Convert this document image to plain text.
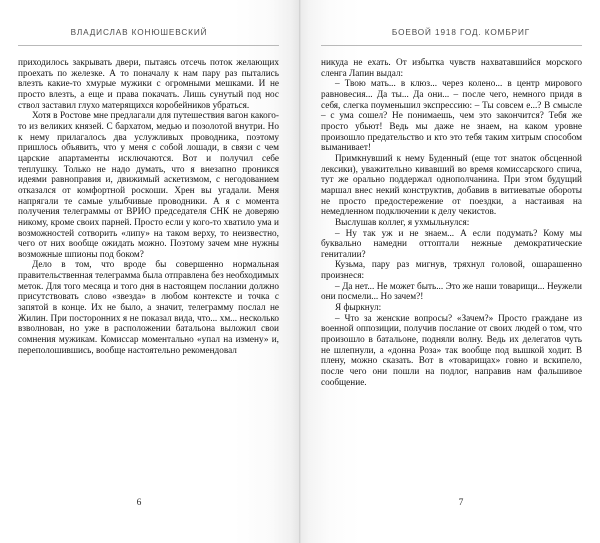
ВЛАДИСЛАВ КОНЮШЕВСКИЙ

приходилось закрывать двери, пытаясь отсечь поток желающих проехать по железке. А то поначалу к нам пару раз пытались влезть какие-то хмурые мужики с огромными мешками. И не просто влезть, а еще и права покачать. Лишь сунутый под нос ствол заставил глухо матерящихся коробейников убраться.

Хотя в Ростове мне предлагали для путешествия вагон какого-то из великих князей. С бархатом, медью и позолотой внутри. Но к нему прилагалось два услужливых проводника, поэтому пришлось объявить, что у меня с собой лошади, в связи с чем царские апартаменты исключаются. Вот и получил себе теплушку. Только не надо думать, что я внезапно проникся идеями равноправия и, движимый аскетизмом, с негодованием отказался от комфортной роскоши. Хрен вы угадали. Меня напрягали те самые улыбчивые проводники. А я с момента получения телеграммы от ВРИО председателя СНК не доверяю никому, кроме своих парней. Просто если у кого-то хватило ума и возможностей сотворить «липу» на таком верху, то неизвестно, чего от них вообще ожидать можно. Поэтому зачем мне нужны возможные шпионы под боком?

Дело в том, что вроде бы совершенно нормальная правительственная телеграмма была отправлена без необходимых меток. Для того месяца и того дня в настоящем послании должно присутствовать слово «звезда» в любом контексте и точка с запятой в конце. Их не было, а значит, телеграмму послал не Жилин. При посторонних я не показал вида, что... хм... несколько взволнован, но уже в расположении батальона выложил свои сомнения мужикам. Комиссар моментально «упал на измену» и, переполошившись, вообще настоятельно рекомендовал

6
БОЕВОЙ 1918 ГОД. КОМБРИГ

никуда не ехать. От избытка чувств нахватавшийся морского сленга Лапин выдал:

– Твою мать... в клюз... через колено... в центр мирового равновесия... Да ты... Да они... – после чего, немного придя в себя, слегка поуменьшил экспрессию: – Ты совсем е...? В смысле – с ума сошел? Не понимаешь, чем это закончится? Тебя же просто убьют! Ведь мы даже не знаем, на каком уровне произошло предательство и кто это тебя таким хитрым способом выманивает!

Примкнувший к нему Буденный (еще тот знаток обсценной лексики), уважительно кивавший во время комиссарского спича, тут же орально поддержал однополчанина. При этом будущий маршал внес некий конструктив, добавив в витиеватые обороты не просто предостережение от поездки, а настаивая на немедленном подключении к делу чекистов.

Выслушав коллег, я ухмыльнулся:

– Ну так уж и не знаем... А если подумать? Кому мы буквально намедни оттоптали нежные демократические гениталии?

Кузьма, пару раз мигнув, тряхнул головой, ошарашенно произнеся:

– Да нет... Не может быть... Это же наши товарищи... Неужели они посмели... Но зачем?!

Я фыркнул:

– Что за женские вопросы? «Зачем?» Просто граждане из военной оппозиции, получив послание от своих людей о том, что произошло в батальоне, подняли волну. Ведь их делегатов чуть не шлепнули, а «донна Роза» так вообще под вышкой ходит. В плену, можно сказать. Вот в «товарищах» говно и вскипело, после чего они пошли на подлог, направив нам фальшивое сообщение.

7
